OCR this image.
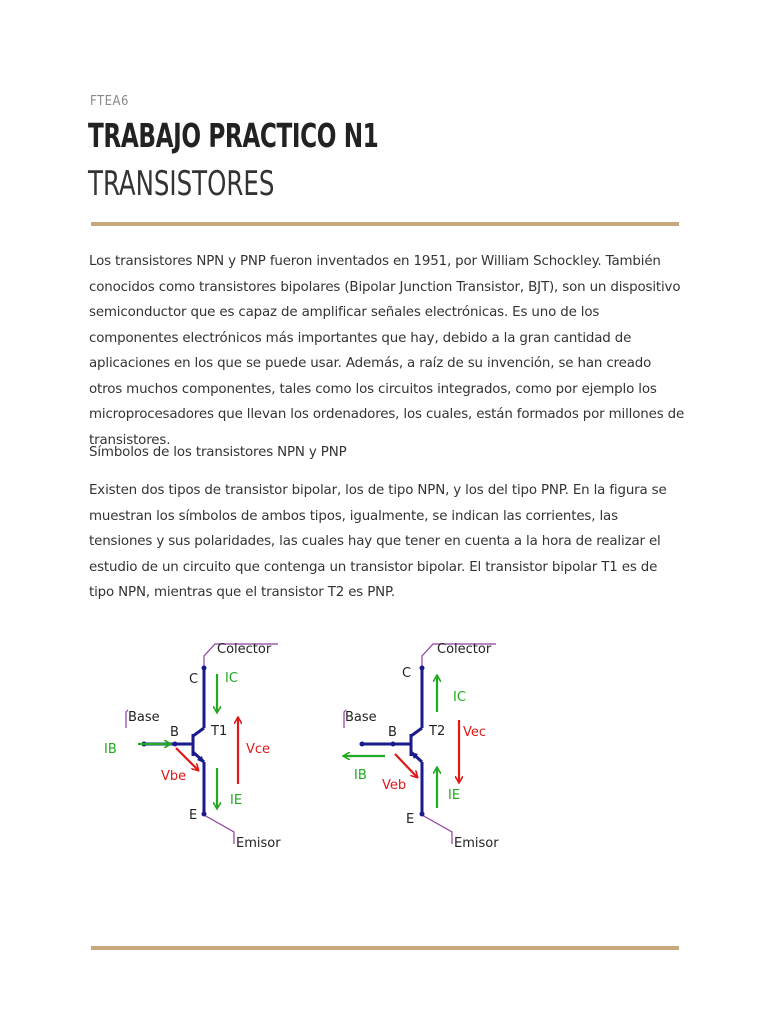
FTEA6
TRABAJO PRACTICO N1
TRANSISTORES

Los transistores NPN y PNP fueron inventados en 1951, por William Schockley. También conocidos como transistores bipolares (Bipolar Junction Transistor, BJT), son un dispositivo semiconductor que es capaz de amplificar señales electrónicas. Es uno de los componentes electrónicos más importantes que hay, debido a la gran cantidad de aplicaciones en los que se puede usar. Además, a raíz de su invención, se han creado otros muchos componentes, tales como los circuitos integrados, como por ejemplo los microprocesadores que llevan los ordenadores, los cuales, están formados por millones de transistores.

Símbolos de los transistores NPN y PNP

Existen dos tipos de transistor bipolar, los de tipo NPN, y los del tipo PNP. En la figura se muestran los símbolos de ambos tipos, igualmente, se indican las corrientes, las tensiones y sus polaridades, las cuales hay que tener en cuenta a la hora de realizar el estudio de un circuito que contenga un transistor bipolar. El transistor bipolar T1 es de tipo NPN, mientras que el transistor T2 es PNP.

Colector
Base
Emisor
C
B
E
T1
IC
IB
IE
Vce
Vbe
Colector
Base
Emisor
C
B
E
T2
IC
IB
IE
Vec
Veb
